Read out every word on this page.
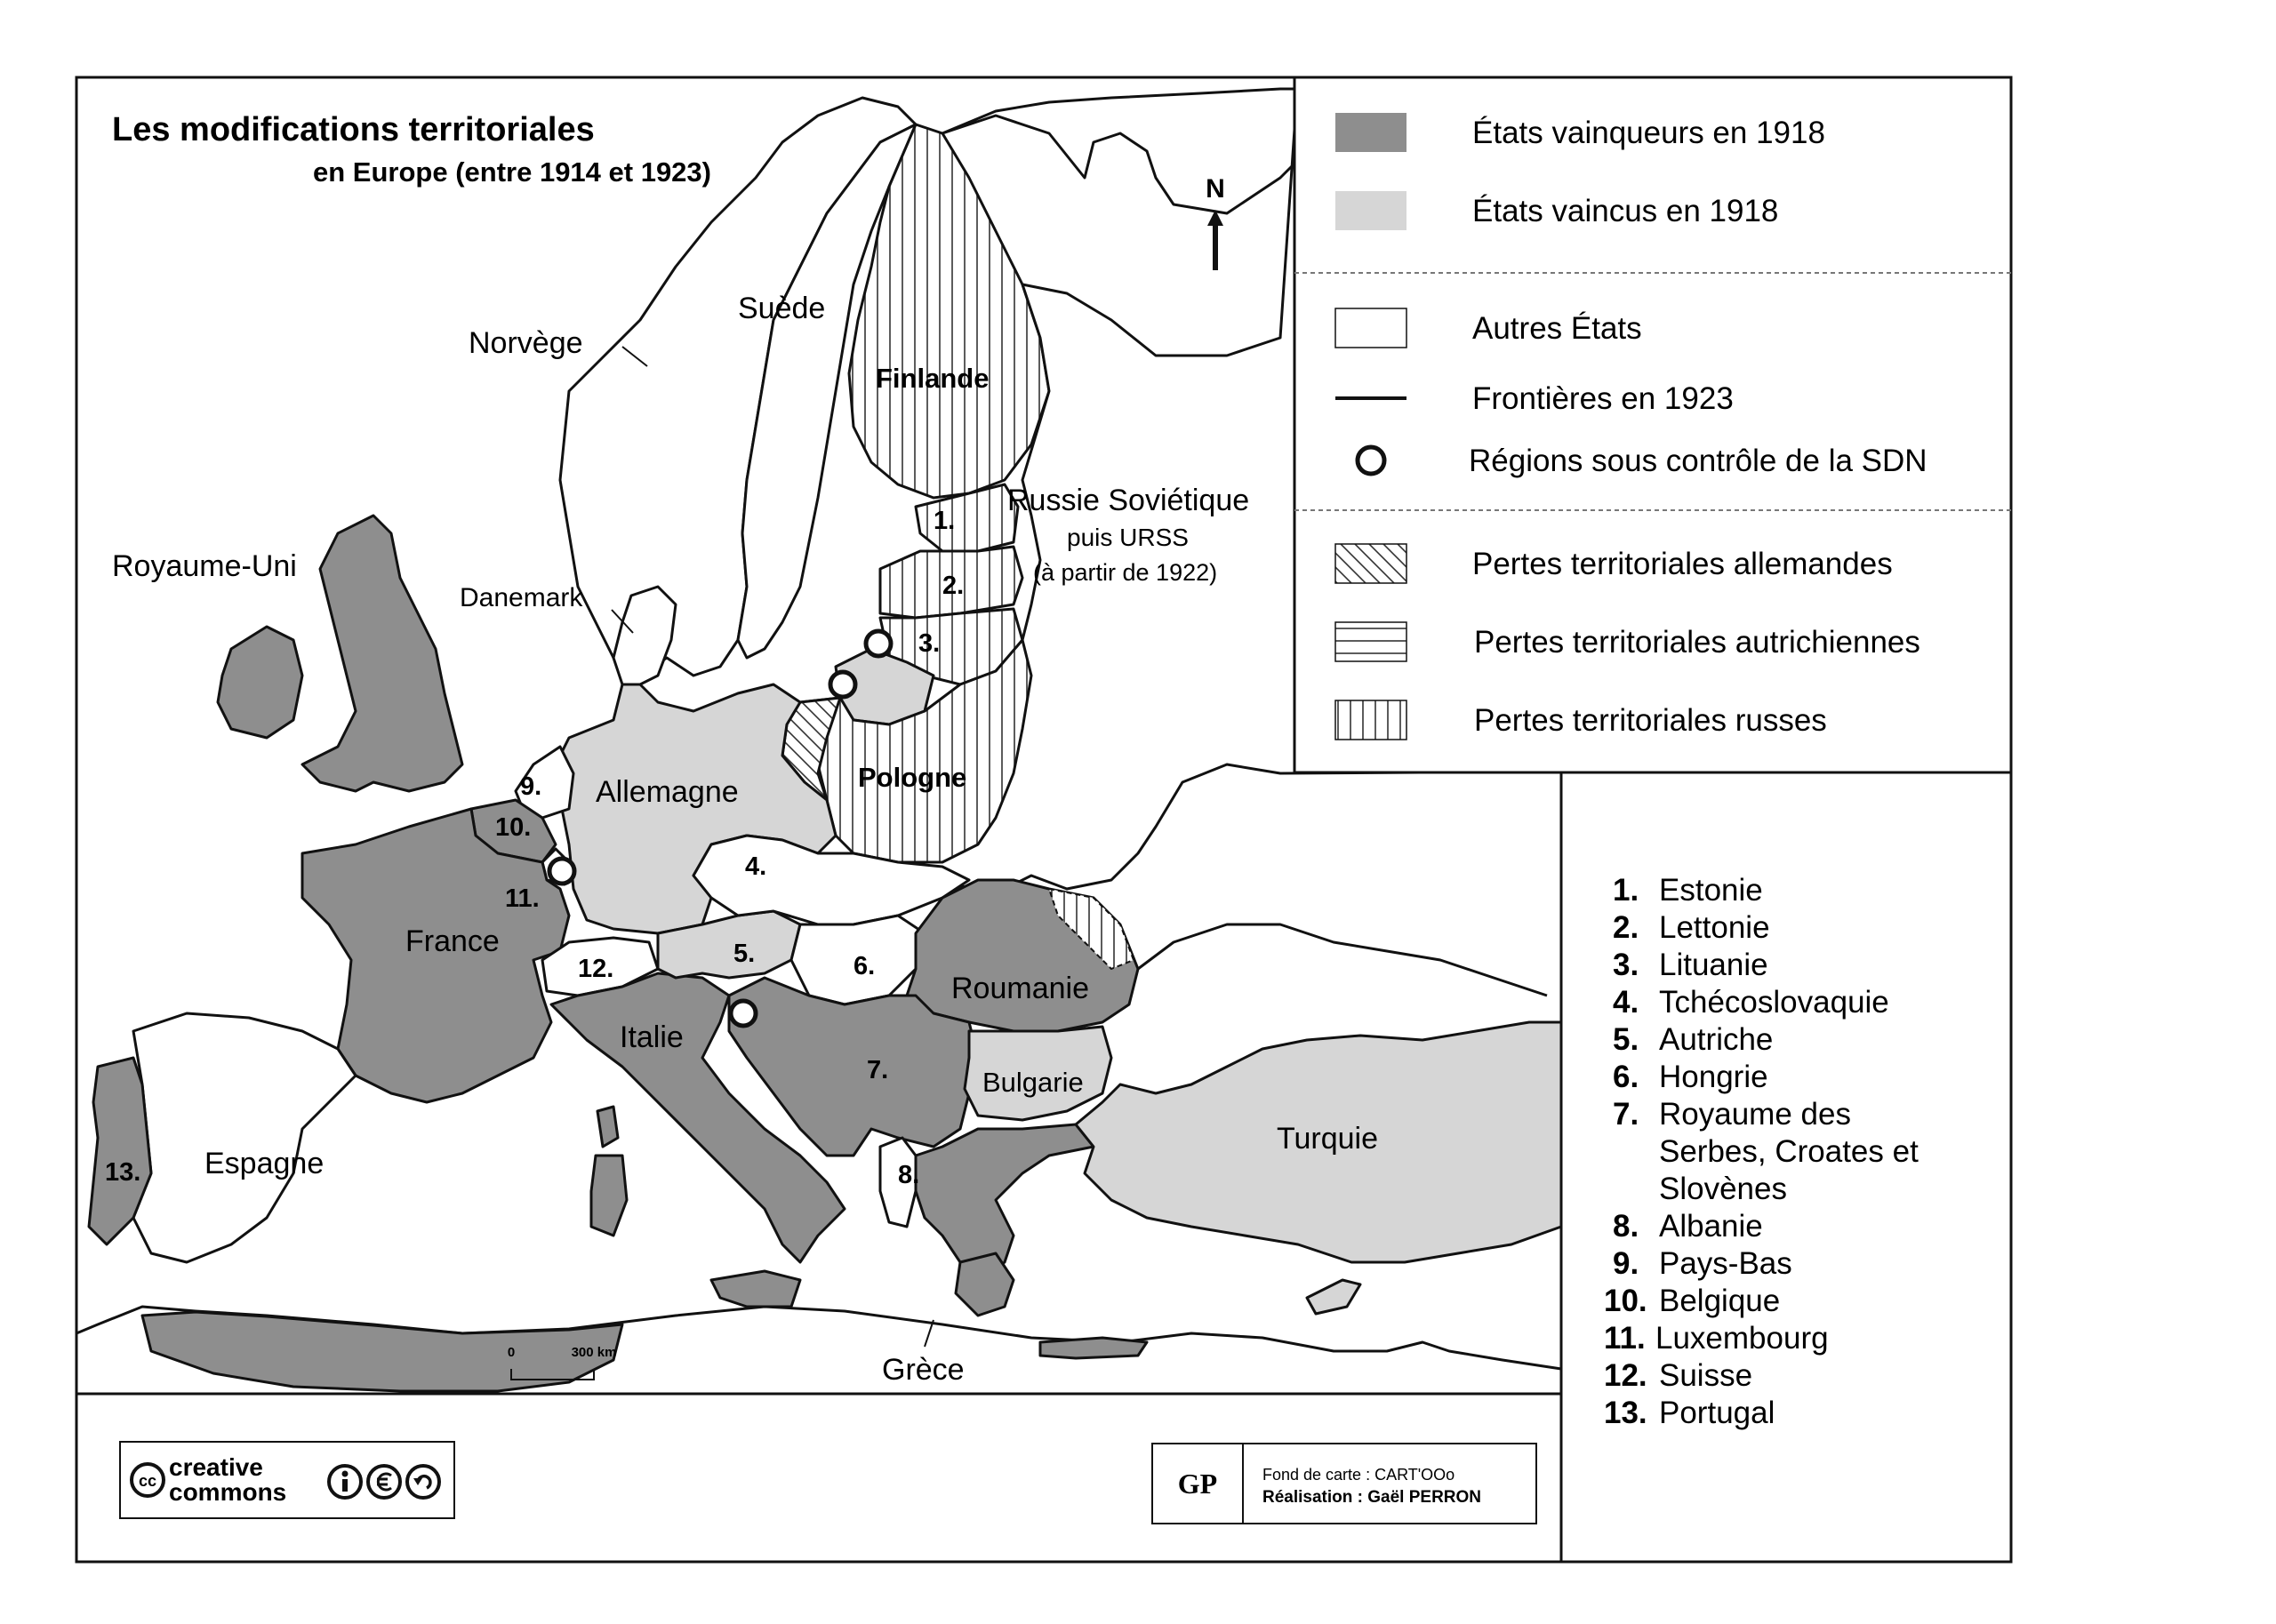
N
Les modifications territoriales
en Europe (entre 1914 et 1923)
Norvège
Suède
Finlande
Russie Soviétique
puis URSS
(à partir de 1922)
Royaume-Uni
Danemark
Allemagne	Pologne
France
Roumanie
Italie
Bulgarie
Turquie
Espagne
Grèce
1.
2.
3.
4.
5.	6.
7.
8.
9.
10.
11.
12.
13.
0	300 km
États vainqueurs en 1918
États vaincus en 1918
Autres États
Frontières en 1923
Régions sous contrôle de la SDN
Pertes territoriales allemandes
Pertes territoriales autrichiennes
Pertes territoriales russes
1. Estonie
2. Lettonie
3. Lituanie
4. Tchécoslovaquie
5. Autriche
6. Hongrie
7. Royaume des
Serbes, Croates et
Slovènes
8. Albanie
9. Pays-Bas
10. Belgique
11. Luxembourg
12. Suisse
13. Portugal
cc creative
commons	GP	Fond de carte : CART'OOo
Réalisation : Gaël PERRON
